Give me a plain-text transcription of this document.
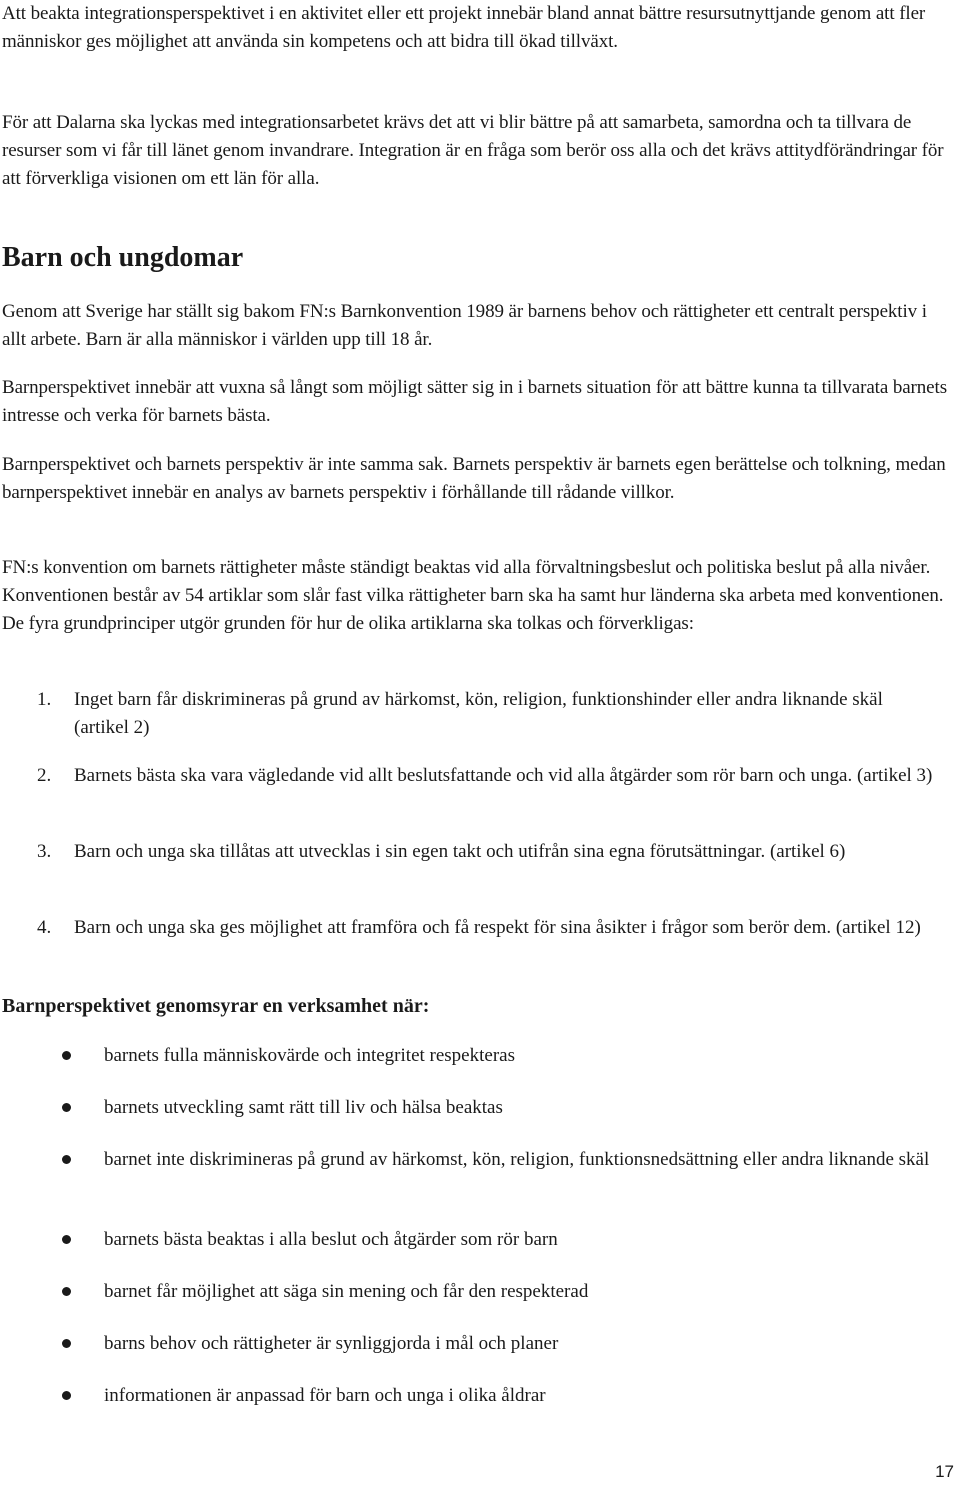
Att beakta integrationsperspektivet i en aktivitet eller ett projekt innebär bland annat bättre resursutnyttjande genom att fler människor ges möjlighet att använda sin kompetens och att bidra till ökad tillväxt.

För att Dalarna ska lyckas med integrationsarbetet krävs det att vi blir bättre på att samarbeta, samordna och ta tillvara de resurser som vi får till länet genom invandrare. Integration är en fråga som berör oss alla och det krävs attitydförändringar för att förverkliga visionen om ett län för alla.

Barn och ungdomar

Genom att Sverige har ställt sig bakom FN:s Barnkonvention 1989 är barnens behov och rättigheter ett centralt perspektiv i allt arbete. Barn är alla människor i världen upp till 18 år.

Barnperspektivet innebär att vuxna så långt som möjligt sätter sig in i barnets situation för att bättre kunna ta tillvarata barnets intresse och verka för barnets bästa.

Barnperspektivet och barnets perspektiv är inte samma sak. Barnets perspektiv är barnets egen berättelse och tolkning, medan barnperspektivet innebär en analys av barnets perspektiv i förhållande till rådande villkor.

FN:s konvention om barnets rättigheter måste ständigt beaktas vid alla förvaltningsbeslut och politiska beslut på alla nivåer. Konventionen består av 54 artiklar som slår fast vilka rättigheter barn ska ha samt hur länderna ska arbeta med konventionen. De fyra grundprinciper utgör grunden för hur de olika artiklarna ska tolkas och förverkligas:

1. Inget barn får diskrimineras på grund av härkomst, kön, religion, funktionshinder eller andra liknande skäl (artikel 2)
2. Barnets bästa ska vara vägledande vid allt beslutsfattande och vid alla åtgärder som rör barn och unga. (artikel 3)
3. Barn och unga ska tillåtas att utvecklas i sin egen takt och utifrån sina egna förutsättningar. (artikel 6)
4. Barn och unga ska ges möjlighet att framföra och få respekt för sina åsikter i frågor som berör dem. (artikel 12)
Barnperspektivet genomsyrar en verksamhet när:
barnets fulla människovärde och integritet respekteras
barnets utveckling samt rätt till liv och hälsa beaktas
barnet inte diskrimineras på grund av härkomst, kön, religion, funktionsnedsättning eller andra liknande skäl
barnets bästa beaktas i alla beslut och åtgärder som rör barn
barnet får möjlighet att säga sin mening och får den respekterad
barns behov och rättigheter är synliggjorda i mål och planer
informationen är anpassad för barn och unga i olika åldrar
17
